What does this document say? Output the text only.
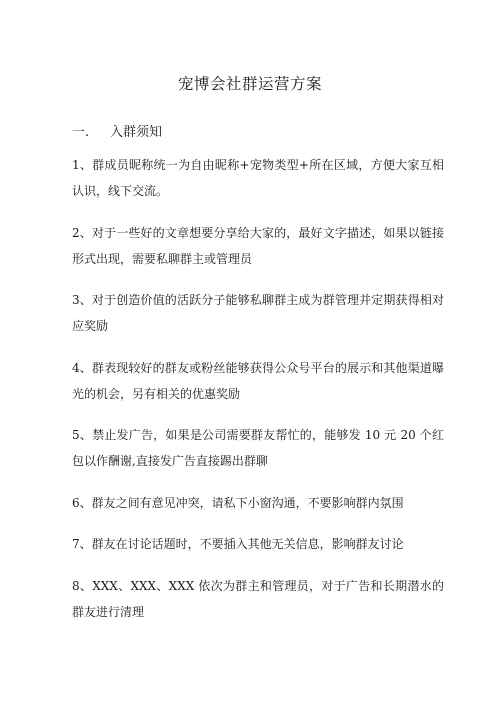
宠博会社群运营方案
一.	入群须知

1、群成员昵称统一为自由昵称+宠物类型+所在区域，方便大家互相认识，线下交流。

2、对于一些好的文章想要分享给大家的，最好文字描述，如果以链接形式出现，需要私聊群主或管理员

3、对于创造价值的活跃分子能够私聊群主成为群管理并定期获得相对应奖励

4、群表现较好的群友或粉丝能够获得公众号平台的展示和其他渠道曝光的机会，另有相关的优惠奖励

5、禁止发广告，如果是公司需要群友帮忙的，能够发 10 元 20 个红包以作酬谢,直接发广告直接踢出群聊

6、群友之间有意见冲突，请私下小窗沟通，不要影响群内氛围

7、群友在讨论话题时，不要插入其他无关信息，影响群友讨论

8、XXX、XXX、XXX 依次为群主和管理员，对于广告和长期潜水的群友进行清理
